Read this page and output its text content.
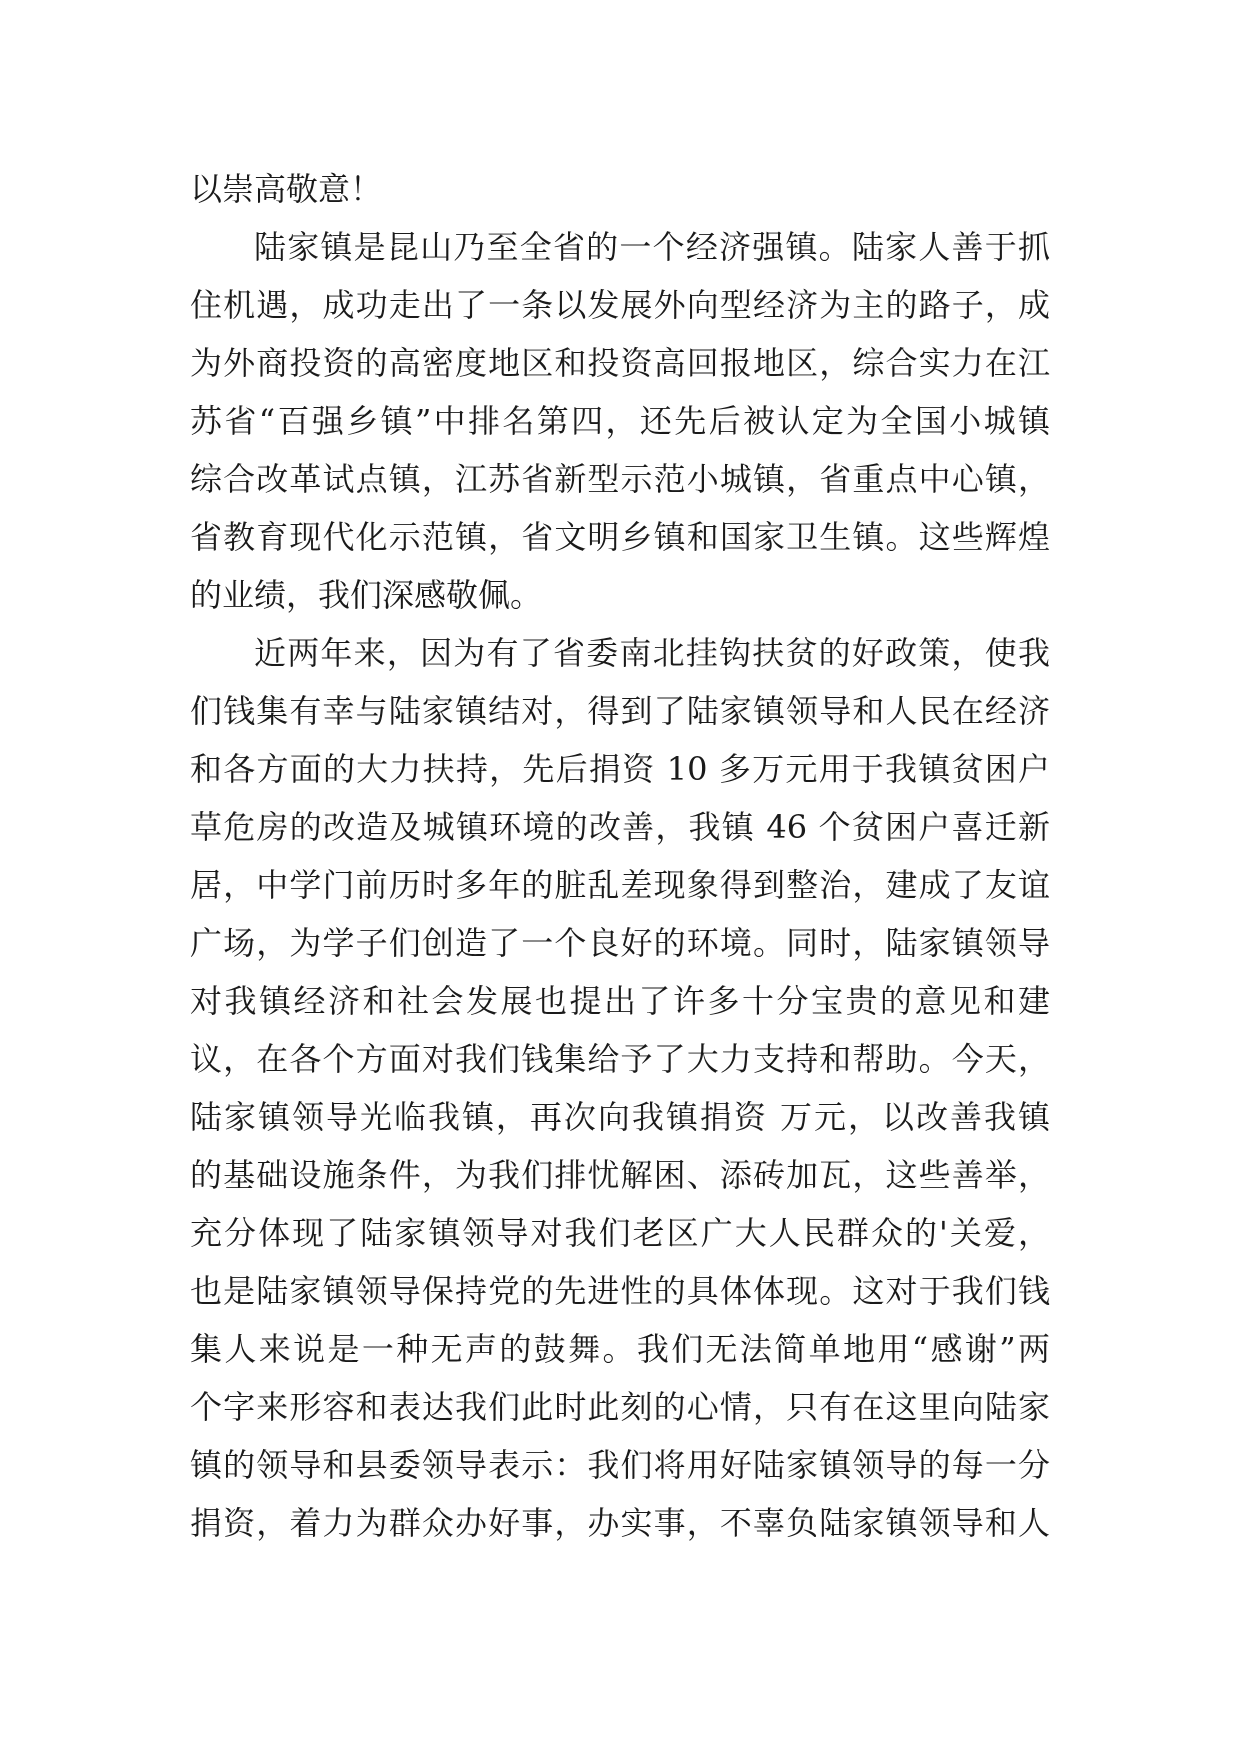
以崇高敬意！
陆家镇是昆山乃至全省的一个经济强镇。陆家人善于抓
住机遇，成功走出了一条以发展外向型经济为主的路子，成
为外商投资的高密度地区和投资高回报地区，综合实力在江
苏省“百强乡镇”中排名第四，还先后被认定为全国小城镇
综合改革试点镇，江苏省新型示范小城镇，省重点中心镇，
省教育现代化示范镇，省文明乡镇和国家卫生镇。这些辉煌
的业绩，我们深感敬佩。
近两年来，因为有了省委南北挂钩扶贫的好政策，使我
们钱集有幸与陆家镇结对，得到了陆家镇领导和人民在经济
和各方面的大力扶持，先后捐资 10 多万元用于我镇贫困户
草危房的改造及城镇环境的改善，我镇 46 个贫困户喜迁新
居，中学门前历时多年的脏乱差现象得到整治，建成了友谊
广场，为学子们创造了一个良好的环境。同时，陆家镇领导
对我镇经济和社会发展也提出了许多十分宝贵的意见和建
议，在各个方面对我们钱集给予了大力支持和帮助。今天，
陆家镇领导光临我镇，再次向我镇捐资 万元，以改善我镇
的基础设施条件，为我们排忧解困、添砖加瓦，这些善举，
充分体现了陆家镇领导对我们老区广大人民群众的'关爱，
也是陆家镇领导保持党的先进性的具体体现。这对于我们钱
集人来说是一种无声的鼓舞。我们无法简单地用“感谢”两
个字来形容和表达我们此时此刻的心情，只有在这里向陆家
镇的领导和县委领导表示：我们将用好陆家镇领导的每一分
捐资，着力为群众办好事，办实事，不辜负陆家镇领导和人
